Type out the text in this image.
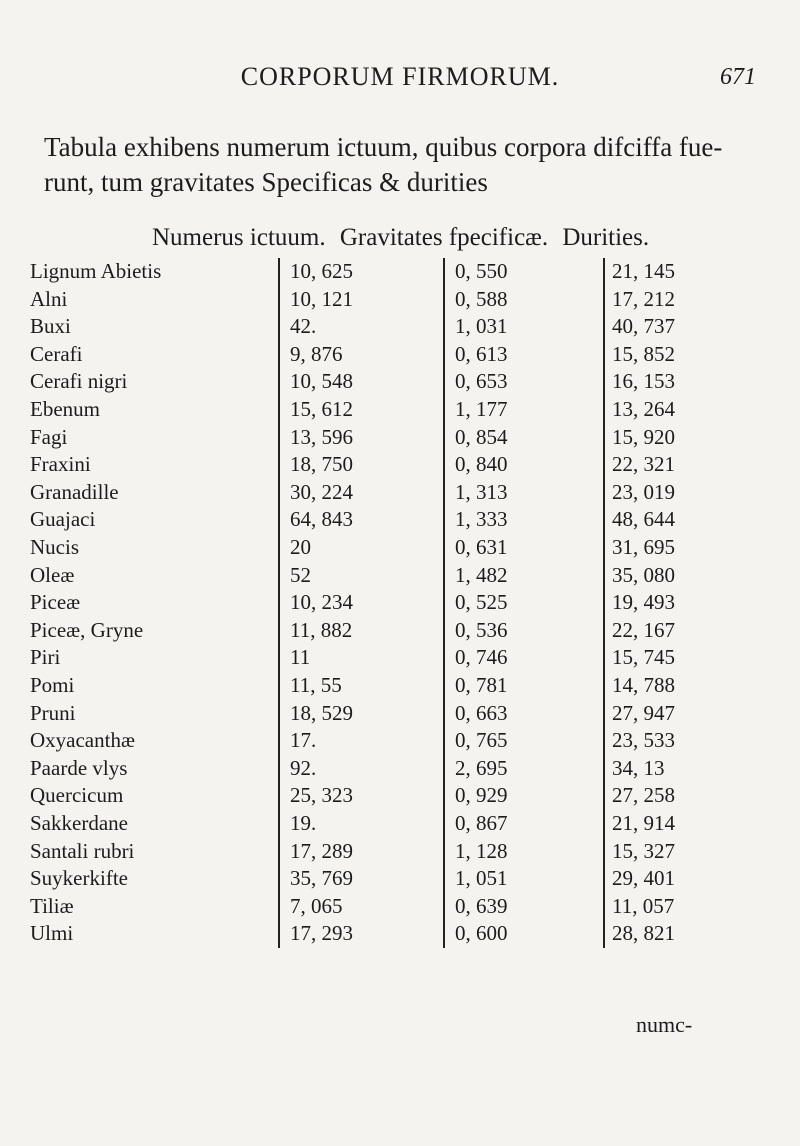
CORPORUM FIRMORUM.	671
Tabula exhibens numerum ictuum, quibus corpora difciffa fue-
runt, tum gravitates Specificas & durities
Numerus ictuum. Gravitates fpecificæ. Durities.
Lignum Abietis	10, 625	0, 550	21, 145
Alni	10, 121	0, 588	17, 212
Buxi	42.	1, 031	40, 737
Cerafi	9, 876	0, 613	15, 852
Cerafi nigri	10, 548	0, 653	16, 153
Ebenum	15, 612	1, 177	13, 264
Fagi	13, 596	0, 854	15, 920
Fraxini	18, 750	0, 840	22, 321
Granadille	30, 224	1, 313	23, 019
Guajaci	64, 843	1, 333	48, 644
Nucis	20	0, 631	31, 695
Oleæ	52	1, 482	35, 080
Piceæ	10, 234	0, 525	19, 493
Piceæ, Gryne	11, 882	0, 536	22, 167
Piri	11	0, 746	15, 745
Pomi	11, 55	0, 781	14, 788
Pruni	18, 529	0, 663	27, 947
Oxyacanthæ	17.	0, 765	23, 533
Paarde vlys	92.	2, 695	34, 13
Quercicum	25, 323	0, 929	27, 258
Sakkerdane	19.	0, 867	21, 914
Santali rubri	17, 289	1, 128	15, 327
Suykerkifte	35, 769	1, 051	29, 401
Tiliæ	7, 065	0, 639	11, 057
Ulmi	17, 293	0, 600	28, 821
numc-
